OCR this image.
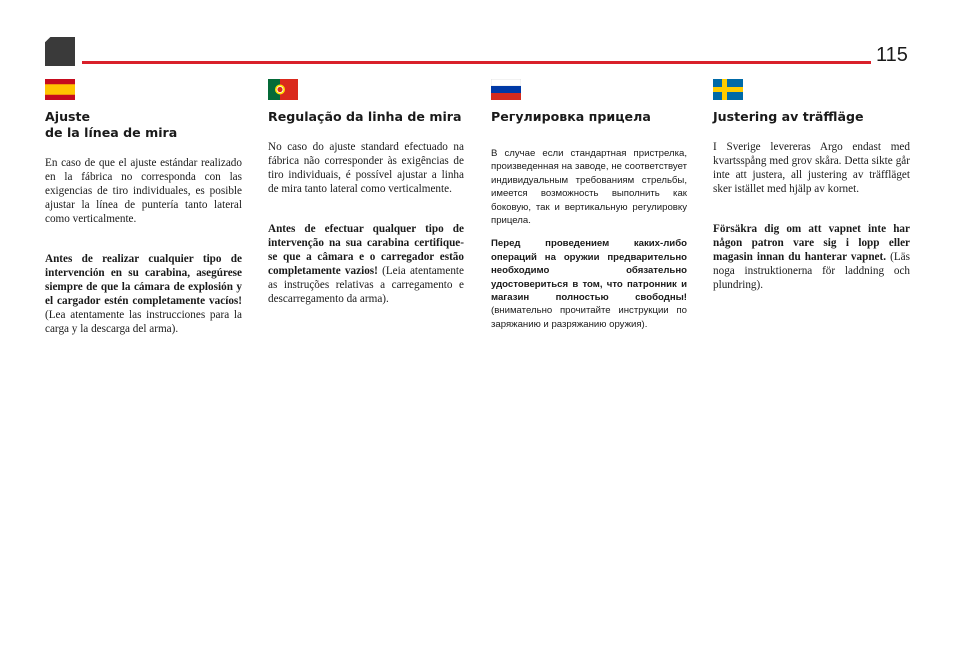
115
Ajuste
de la línea de mira
En caso de que el ajuste estándar realizado en la fábrica no corresponda con las exigencias de tiro individuales, es posible ajustar la línea de puntería tanto lateral como verticalmente.
Antes de realizar cualquier tipo de intervención en su carabina, asegúrese siempre de que la cámara de explosión y el cargador estén completamente vacíos! (Lea atentamente las instrucciones para la carga y la descarga del arma).
Regulação da linha de mira
No caso do ajuste standard efectuado na fábrica não corresponder às exigências de tiro individuais, é possível ajustar a linha de mira tanto lateral como verticalmente.
Antes de efectuar qualquer tipo de intervenção na sua carabina certifique-se que a câmara e o carregador estão completamente vazios! (Leia atentamente as instruções relativas a carregamento e descarregamento da arma).
Регулировка прицела
В случае если стандартная пристрелка, произведенная на заводе, не соответствует индивидуальным требованиям стрельбы, имеется возможность выполнить как боковую, так и вертикальную регулировку прицела.
Перед проведением каких-либо операций на оружии предварительно необходимо обязательно удостовериться в том, что патронник и магазин полностью свободны! (внимательно прочитайте инструкции по заряжанию и разряжанию оружия).
Justering av träffläge
I Sverige levereras Argo endast med kvartsspång med grov skåra. Detta sikte går inte att justera, all justering av träffläget sker istället med hjälp av kornet.
Försäkra dig om att vapnet inte har någon patron vare sig i lopp eller magasin innan du hanterar vapnet. (Läs noga instruktionerna för laddning och plundring).
